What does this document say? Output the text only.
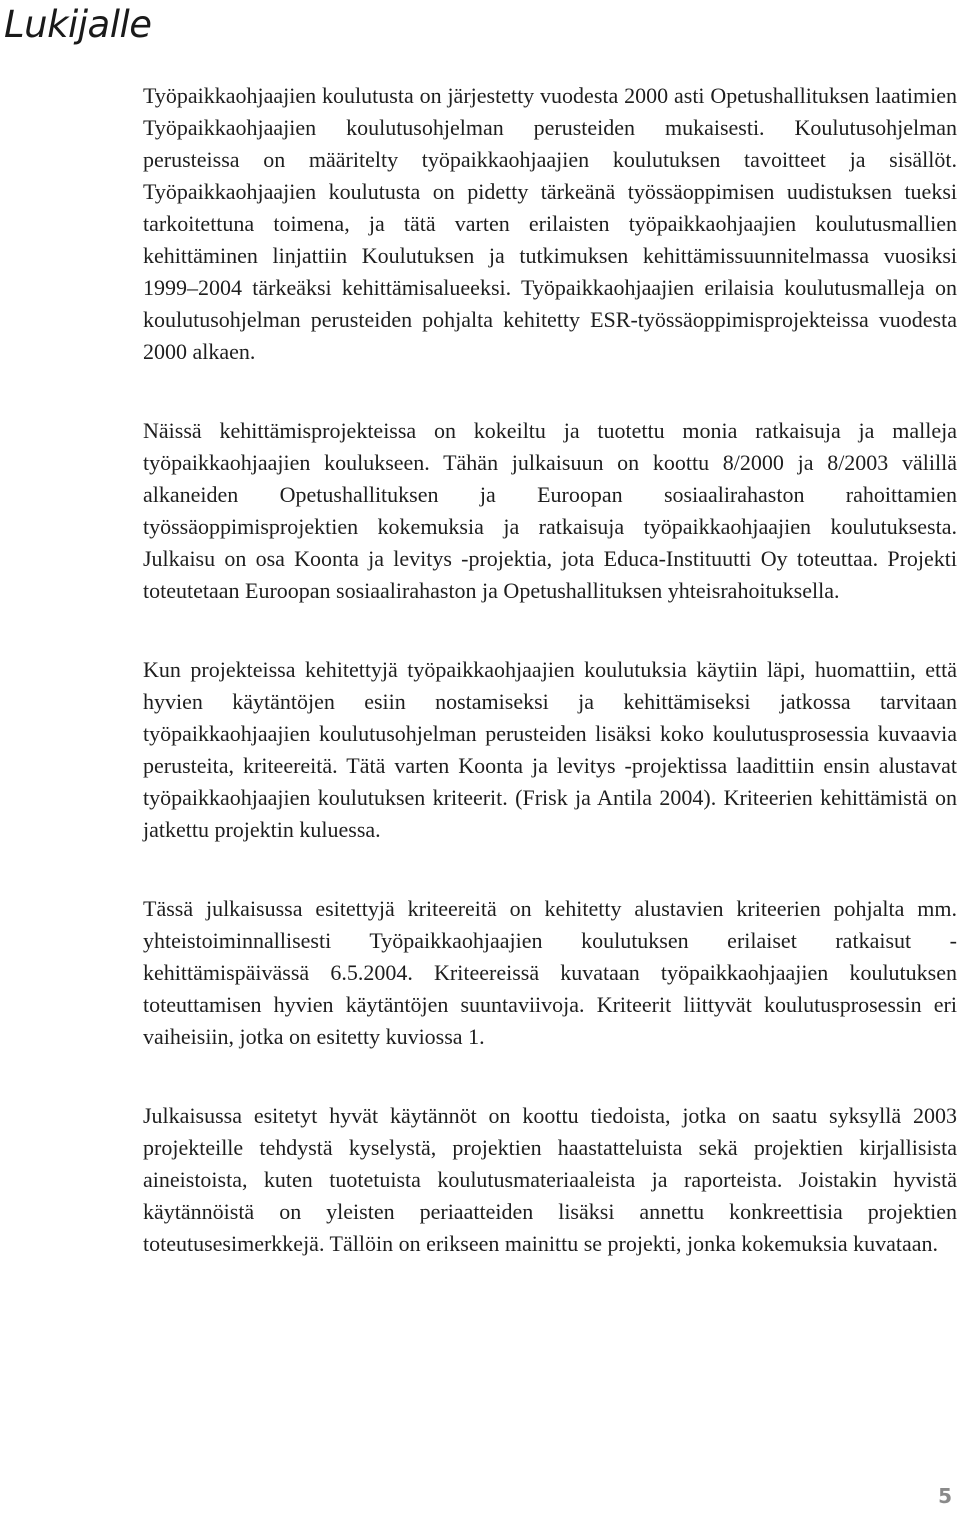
Lukijalle

Työpaikkaohjaajien koulutusta on järjestetty vuodesta 2000 asti Opetushallituksen laatimien Työpaikkaohjaajien koulutusohjelman perusteiden mukaisesti. Koulutusohjelman perusteissa on määritelty työpaikkaohjaajien koulutuksen tavoitteet ja sisällöt. Työpaikkaohjaajien koulutusta on pidetty tärkeänä työssäoppimisen uudistuksen tueksi tarkoitettuna toimena, ja tätä varten erilaisten työpaikkaohjaajien koulutusmallien kehittäminen linjattiin Koulutuksen ja tutkimuksen kehittämissuunnitelmassa vuosiksi 1999–2004 tärkeäksi kehittämisalueeksi. Työpaikkaohjaajien erilaisia koulutusmalleja on koulutusohjelman perusteiden pohjalta kehitetty ESR-työssäoppimisprojekteissa vuodesta 2000 alkaen.

Näissä kehittämisprojekteissa on kokeiltu ja tuotettu monia ratkaisuja ja malleja työpaikkaohjaajien koulukseen. Tähän julkaisuun on koottu 8/2000 ja 8/2003 välillä alkaneiden Opetushallituksen ja Euroopan sosiaalirahaston rahoittamien työssäoppimisprojektien kokemuksia ja ratkaisuja työpaikkaohjaajien koulutuksesta. Julkaisu on osa Koonta ja levitys -projektia, jota Educa-Instituutti Oy toteuttaa. Projekti toteutetaan Euroopan sosiaalirahaston ja Opetushallituksen yhteisrahoituksella.

Kun projekteissa kehitettyjä työpaikkaohjaajien koulutuksia käytiin läpi, huomattiin, että hyvien käytäntöjen esiin nostamiseksi ja kehittämiseksi jatkossa tarvitaan työpaikkaohjaajien koulutusohjelman perusteiden lisäksi koko koulutusprosessia kuvaavia perusteita, kriteereitä. Tätä varten Koonta ja levitys -projektissa laadittiin ensin alustavat työpaikkaohjaajien koulutuksen kriteerit. (Frisk ja Antila 2004). Kriteerien kehittämistä on jatkettu projektin kuluessa.

Tässä julkaisussa esitettyjä kriteereitä on kehitetty alustavien kriteerien pohjalta mm. yhteistoiminnallisesti Työpaikkaohjaajien koulutuksen erilaiset ratkaisut -kehittämispäivässä 6.5.2004. Kriteereissä kuvataan työpaikkaohjaajien koulutuksen toteuttamisen hyvien käytäntöjen suuntaviivoja. Kriteerit liittyvät koulutusprosessin eri vaiheisiin, jotka on esitetty kuviossa 1.

Julkaisussa esitetyt hyvät käytännöt on koottu tiedoista, jotka on saatu syksyllä 2003 projekteille tehdystä kyselystä, projektien haastatteluista sekä projektien kirjallisista aineistoista, kuten tuotetuista koulutusmateriaaleista ja raporteista. Joistakin hyvistä käytännöistä on yleisten periaatteiden lisäksi annettu konkreettisia projektien toteutusesimerkkejä. Tällöin on erikseen mainittu se projekti, jonka kokemuksia kuvataan.

5
